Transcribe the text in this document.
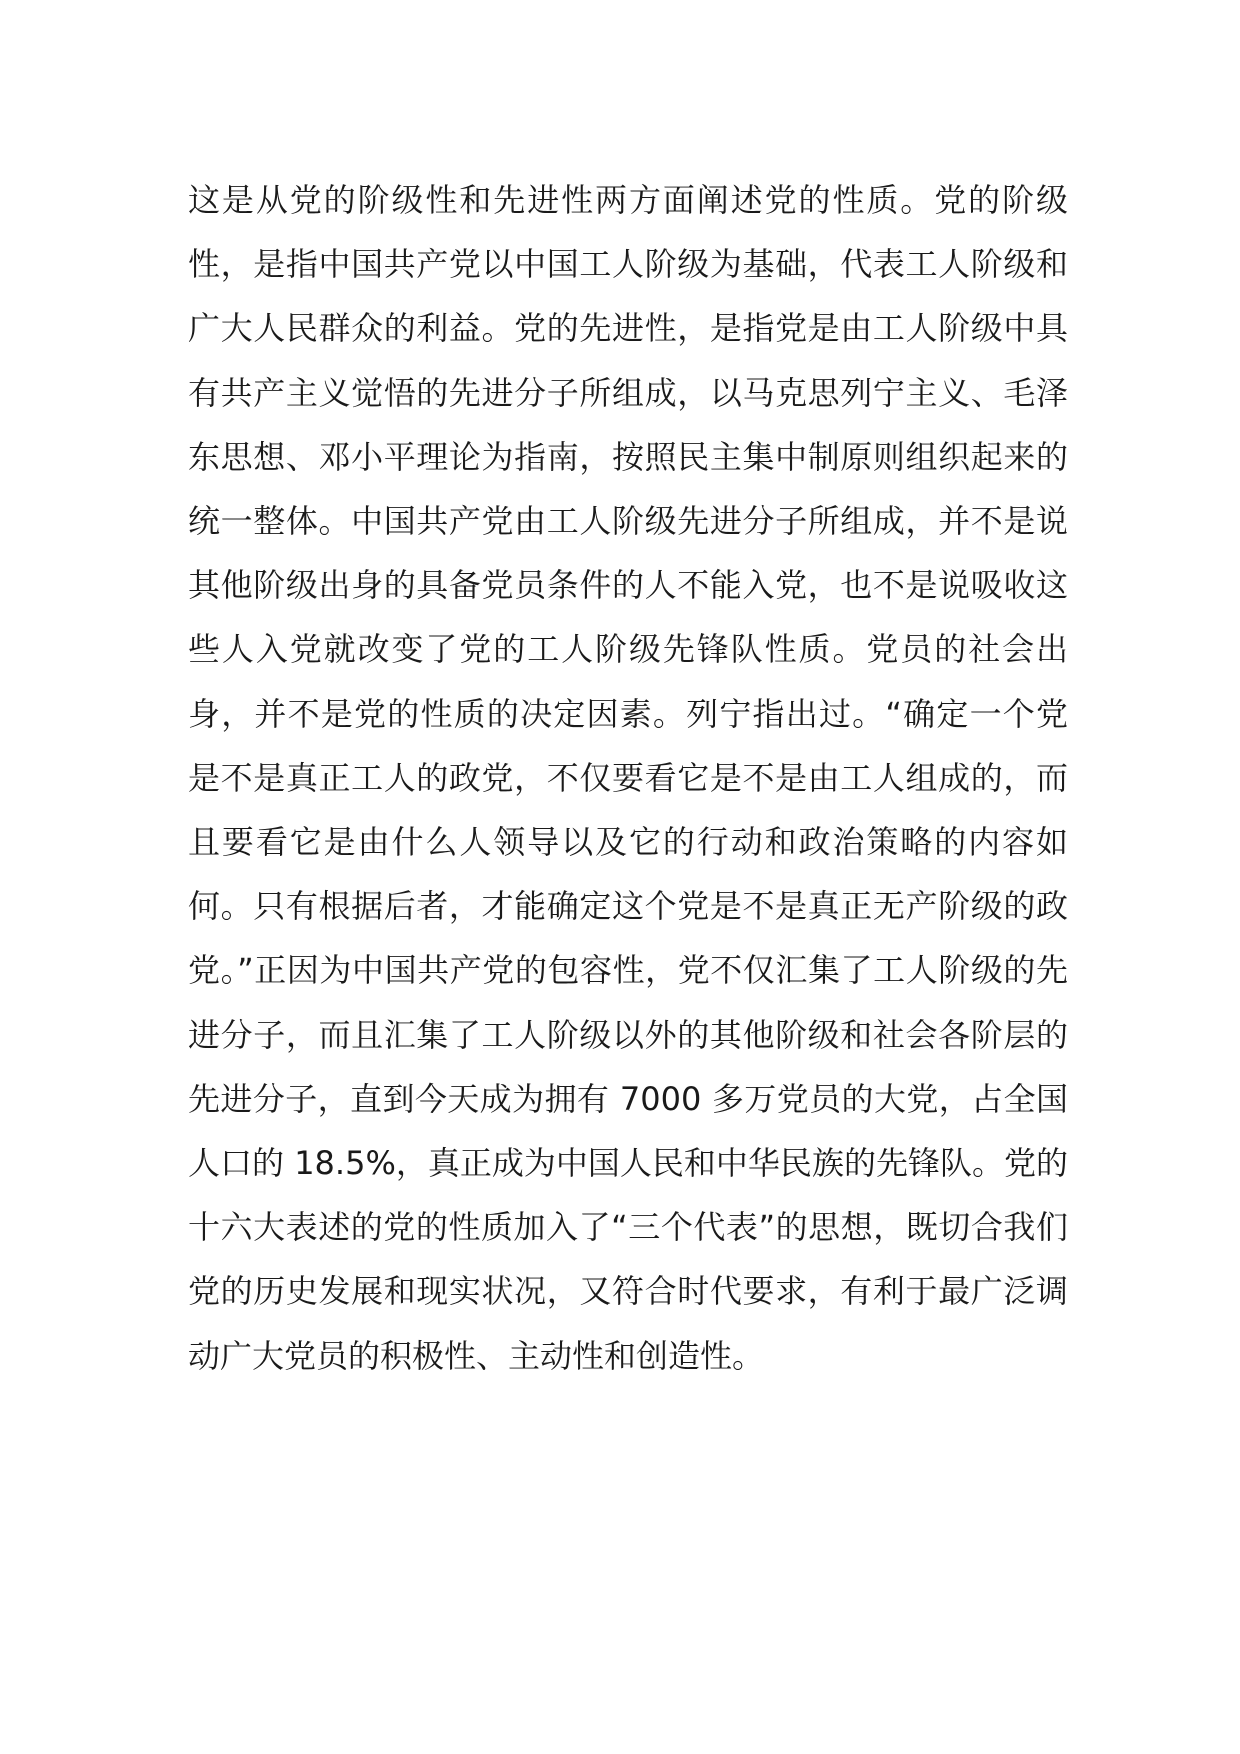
这是从党的阶级性和先进性两方面阐述党的性质。党的阶级性，是指中国共产党以中国工人阶级为基础，代表工人阶级和广大人民群众的利益。党的先进性，是指党是由工人阶级中具有共产主义觉悟的先进分子所组成，以马克思列宁主义、毛泽东思想、邓小平理论为指南，按照民主集中制原则组织起来的统一整体。中国共产党由工人阶级先进分子所组成，并不是说其他阶级出身的具备党员条件的人不能入党，也不是说吸收这些人入党就改变了党的工人阶级先锋队性质。党员的社会出身，并不是党的性质的决定因素。列宁指出过。“确定一个党是不是真正工人的政党，不仅要看它是不是由工人组成的，而且要看它是由什么人领导以及它的行动和政治策略的内容如何。只有根据后者，才能确定这个党是不是真正无产阶级的政党。”正因为中国共产党的包容性，党不仅汇集了工人阶级的先进分子，而且汇集了工人阶级以外的其他阶级和社会各阶层的先进分子，直到今天成为拥有 7000 多万党员的大党，占全国人口的 18.5%，真正成为中国人民和中华民族的先锋队。党的十六大表述的党的性质加入了“三个代表”的思想，既切合我们党的历史发展和现实状况，又符合时代要求，有利于最广泛调动广大党员的积极性、主动性和创造性。
